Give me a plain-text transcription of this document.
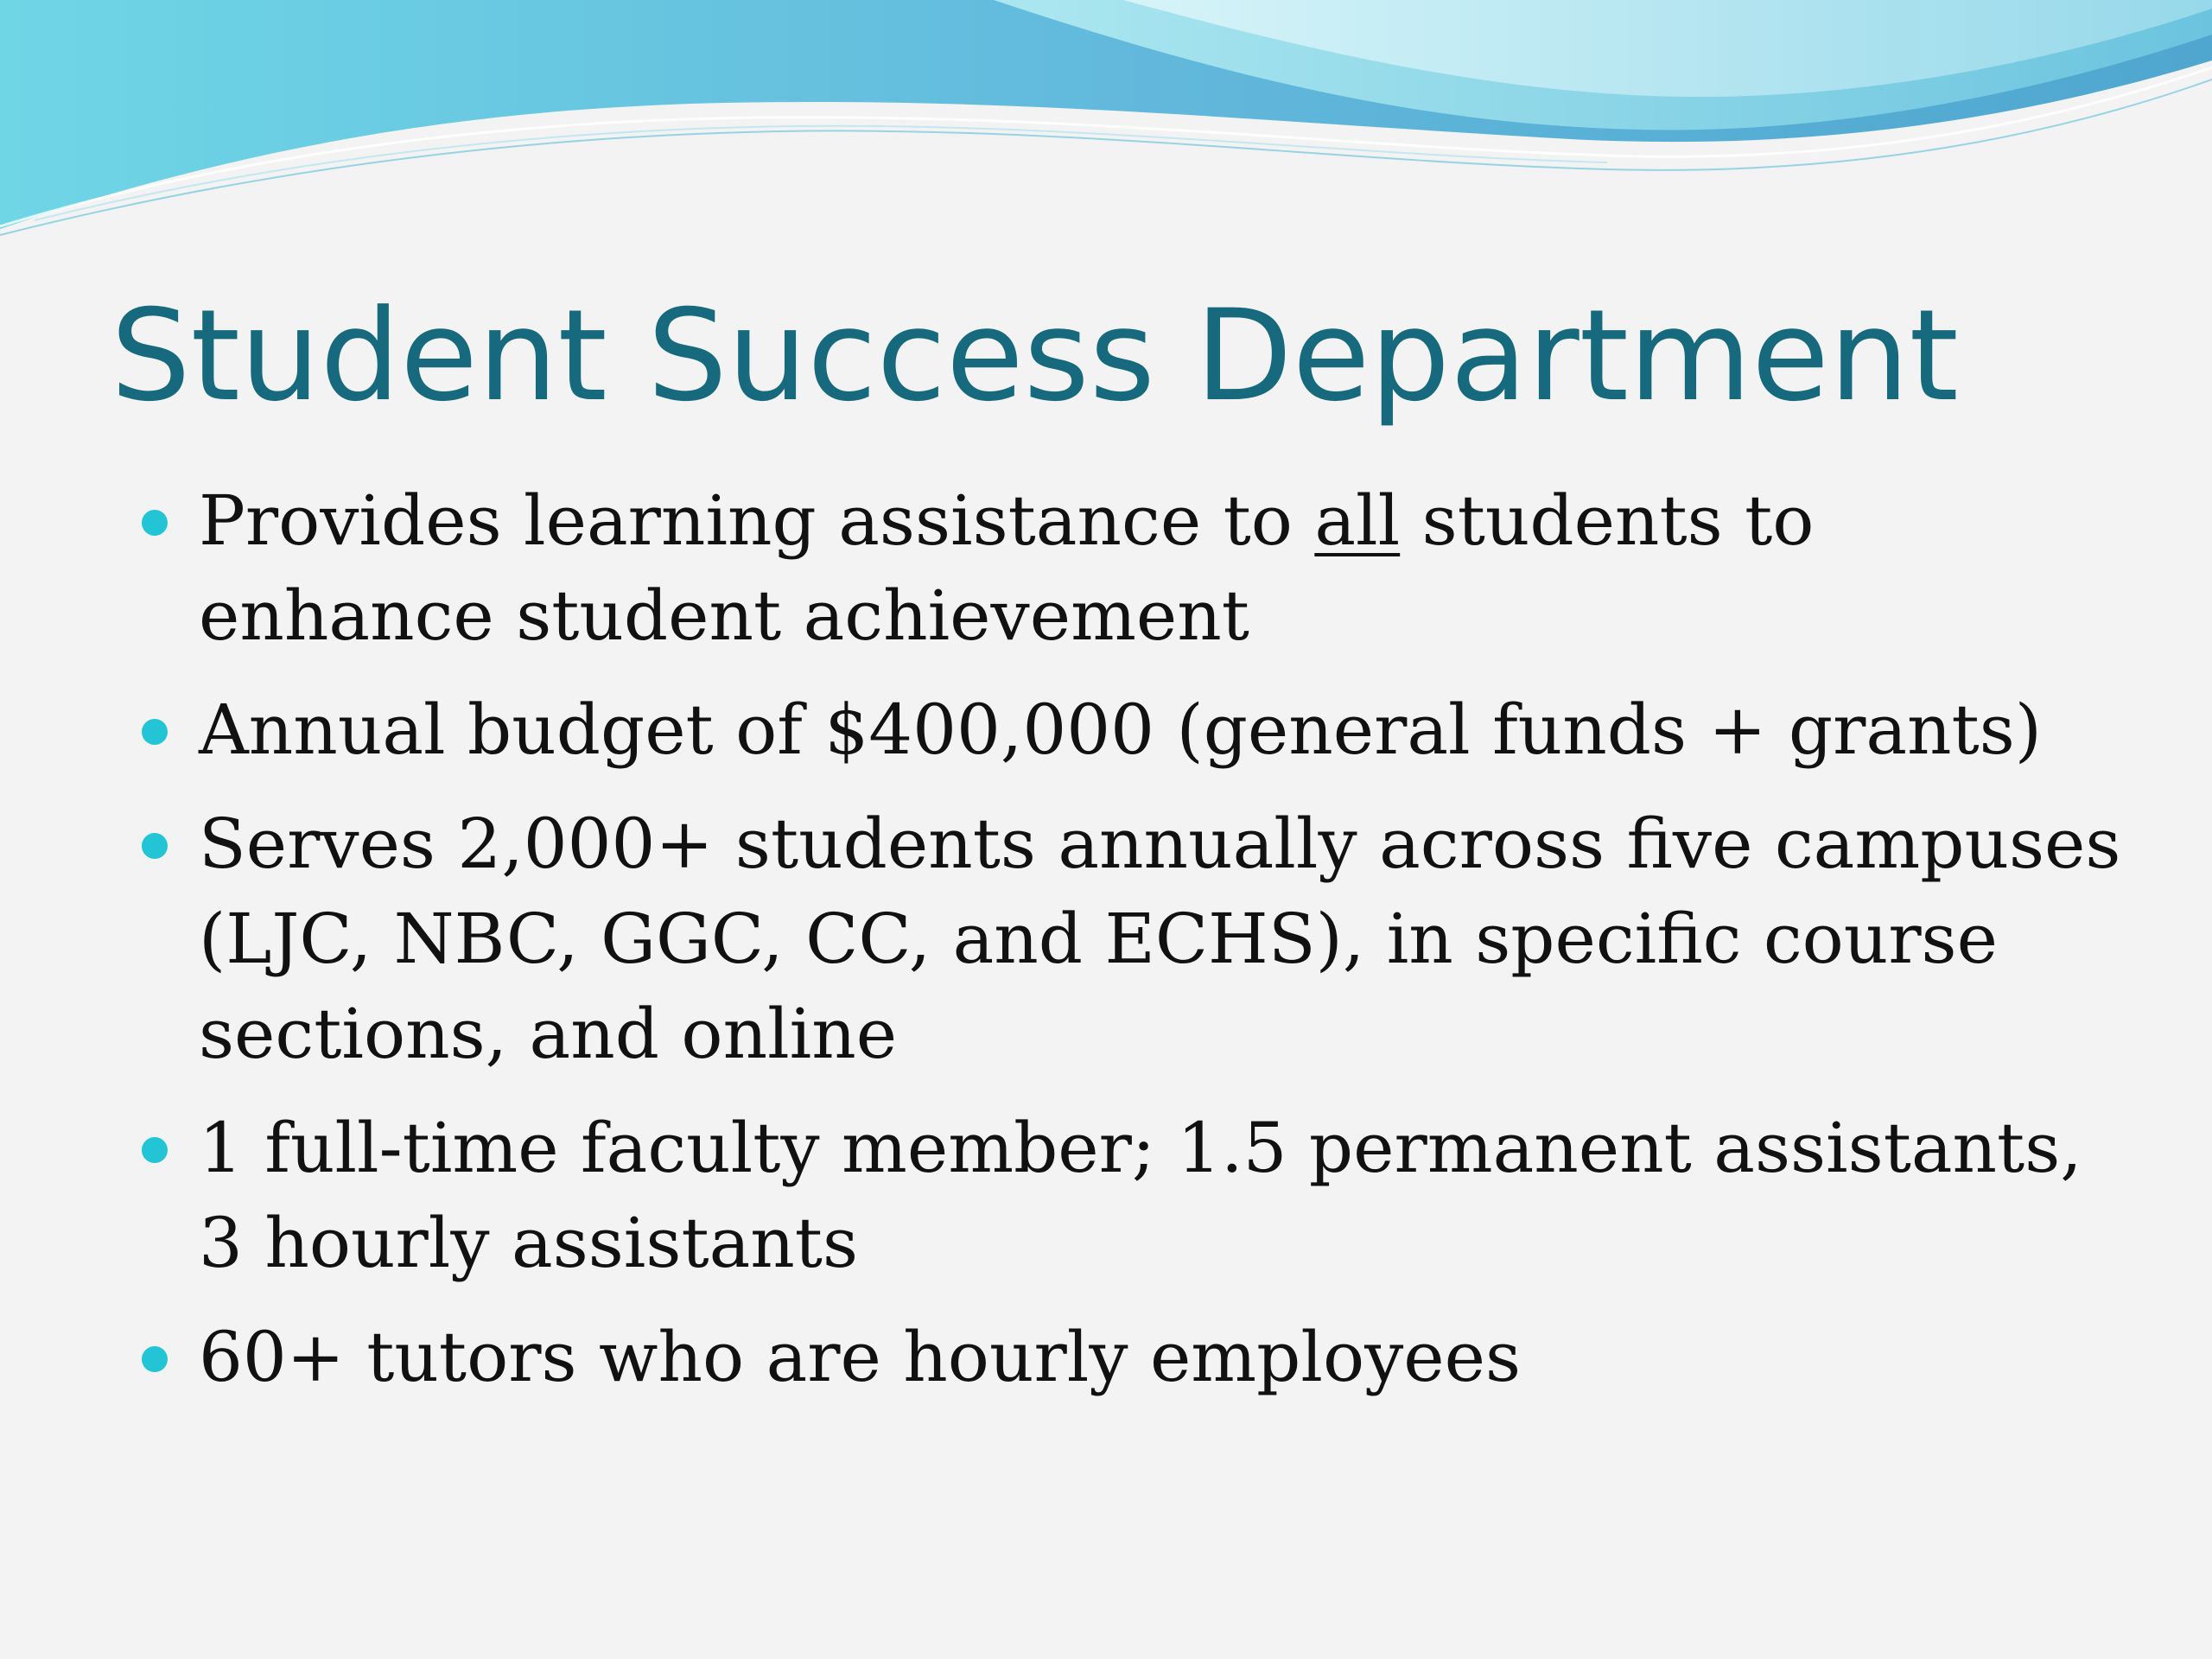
Student Success Department
Provides learning assistance to all students to enhance student achievement
Annual budget of $400,000 (general funds + grants)
Serves 2,000+ students annually across five campuses (LJC, NBC, GGC, CC, and ECHS), in specific course sections, and online
1 full-time faculty member; 1.5 permanent assistants, 3 hourly assistants
60+ tutors who are hourly employees
